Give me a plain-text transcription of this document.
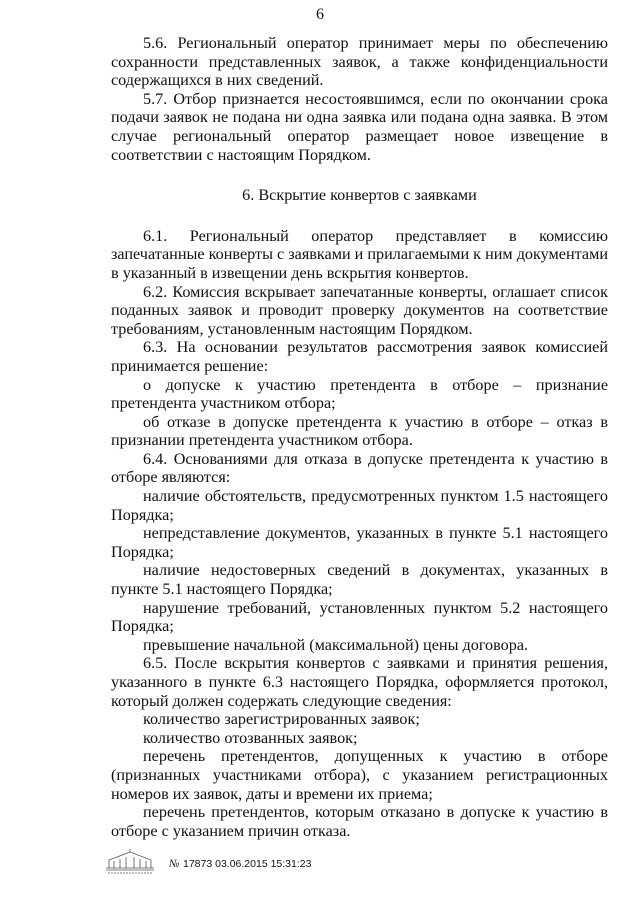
6

5.6. Региональный оператор принимает меры по обеспечению сохранности представленных заявок, а также конфиденциальности содержащихся в них сведений.

5.7. Отбор признается несостоявшимся, если по окончании срока подачи заявок не подана ни одна заявка или подана одна заявка. В этом случае региональный оператор размещает новое извещение в соответствии с настоящим Порядком.

6. Вскрытие конвертов с заявками

6.1. Региональный оператор представляет в комиссию запечатанные конверты с заявками и прилагаемыми к ним документами в указанный в извещении день вскрытия конвертов.

6.2. Комиссия вскрывает запечатанные конверты, оглашает список поданных заявок и проводит проверку документов на соответствие требованиям, установленным настоящим Порядком.

6.3. На основании результатов рассмотрения заявок комиссией принимается решение:

о допуске к участию претендента в отборе – признание претендента участником отбора;

об отказе в допуске претендента к участию в отборе – отказ в признании претендента участником отбора.

6.4. Основаниями для отказа в допуске претендента к участию в отборе являются:

наличие обстоятельств, предусмотренных пунктом 1.5 настоящего Порядка;

непредставление документов, указанных в пункте 5.1 настоящего Порядка;

наличие недостоверных сведений в документах, указанных в пункте 5.1 настоящего Порядка;

нарушение требований, установленных пунктом 5.2 настоящего Порядка;

превышение начальной (максимальной) цены договора.

6.5. После вскрытия конвертов с заявками и принятия решения, указанного в пункте 6.3 настоящего Порядка, оформляется протокол, который должен содержать следующие сведения:

количество зарегистрированных заявок;

количество отозванных заявок;

перечень претендентов, допущенных к участию в отборе (признанных участниками отбора), с указанием регистрационных номеров их заявок, даты и времени их приема;

перечень претендентов, которым отказано в допуске к участию в отборе с указанием причин отказа.

№ 17873 03.06.2015 15:31:23
